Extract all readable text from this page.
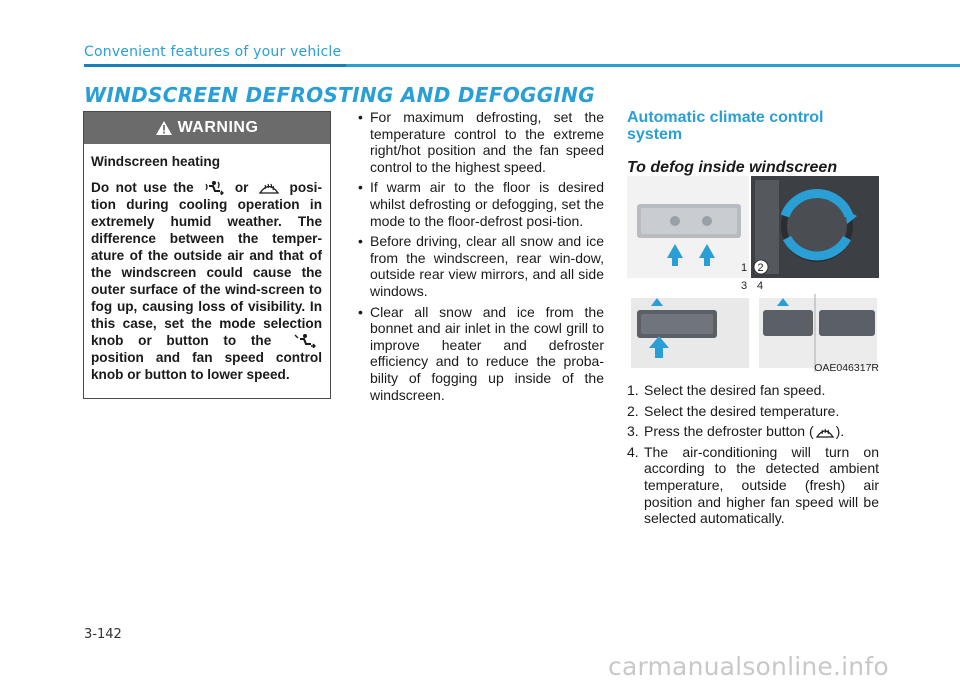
Convenient features of your vehicle
WINDSCREEN DEFROSTING AND DEFOGGING
WARNING
Windscreen heating
Do not use the	or	posi-tion during cooling operation in extremely humid weather. The difference between the temper-ature of the outside air and that of the windscreen could cause the outer surface of the wind-screen to fog up, causing loss of visibility. In this case, set the mode selection knob or button to the  position and fan speed control knob or button to lower speed.
• For maximum defrosting, set the temperature control to the extreme right/hot position and the fan speed control to the highest speed.
• If warm air to the floor is desired whilst defrosting or defogging, set the mode to the floor-defrost posi-tion.
• Before driving, clear all snow and ice from the windscreen, rear win-dow, outside rear view mirrors, and all side windows.
• Clear all snow and ice from the bonnet and air inlet in the cowl grill to improve heater and defroster efficiency and to reduce the proba-bility of fogging up inside of the windscreen.
Automatic climate control system
To defog inside windscreen
1 2
3 4
OAE046317R
1. Select the desired fan speed.
2. Select the desired temperature.
3. Press the defroster button ( ).
4. The air-conditioning will turn on according to the detected ambient temperature, outside (fresh) air position and higher fan speed will be selected automatically.
3-142
carmanualsonline.info
